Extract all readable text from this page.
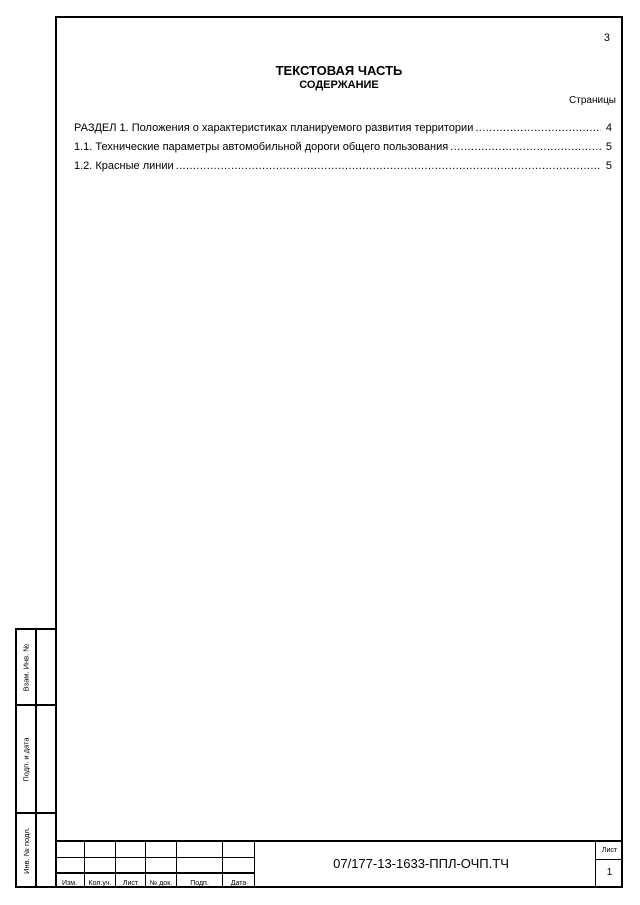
Взам. Инв. №
Подп. и дата
Инв. № подл.
3
ТЕКСТОВАЯ ЧАСТЬ
СОДЕРЖАНИЕ
Страницы
РАЗДЕЛ 1. Положения о характеристиках планируемого развития территории .....	4
1.1. Технические параметры автомобильной дороги общего пользования .....	5
1.2. Красные линии .....	5
Изм.	Кол.уч.	Лист	№ док.	Подп.	Дата
07/177-13-1633-ППЛ-ОЧП.ТЧ
Лист
1
